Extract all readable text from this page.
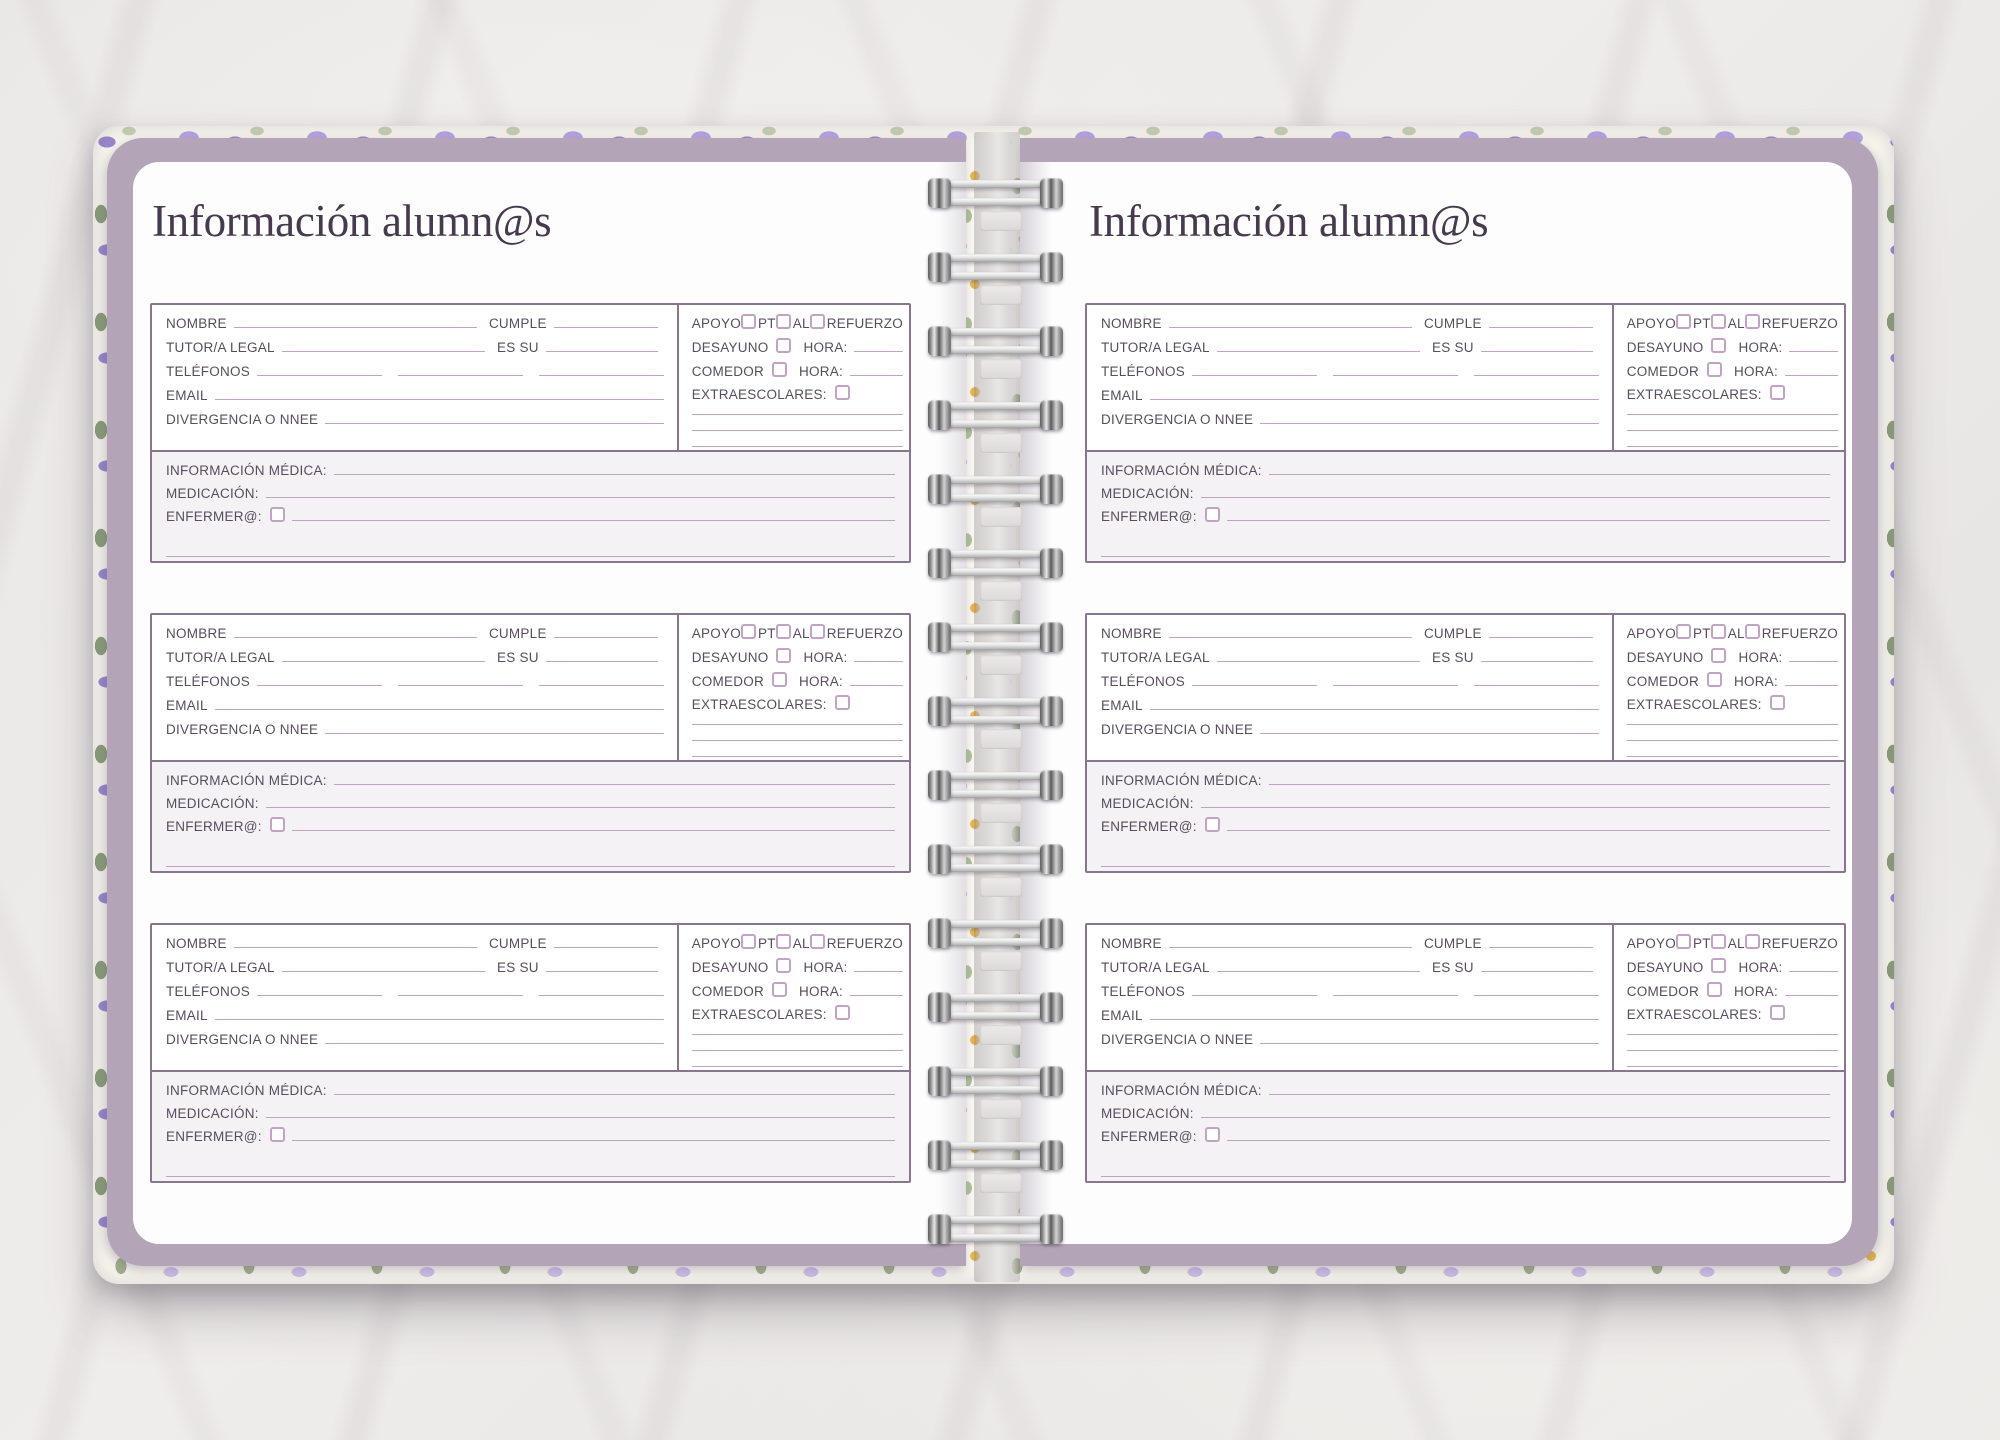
Información alumn@s
NOMBRE	CUMPLE
TUTOR/A LEGAL	ES SU
TELÉFONOS
EMAIL
DIVERGENCIA O NNEE
APOYO PT AL REFUERZO
DESAYUNO	HORA:
COMEDOR	HORA:
EXTRAESCOLARES:
INFORMACIÓN MÉDICA:
MEDICACIÓN:
ENFERMER@:
NOMBRE	CUMPLE
TUTOR/A LEGAL	ES SU
TELÉFONOS
EMAIL
DIVERGENCIA O NNEE
APOYO PT AL REFUERZO
DESAYUNO	HORA:
COMEDOR	HORA:
EXTRAESCOLARES:
INFORMACIÓN MÉDICA:
MEDICACIÓN:
ENFERMER@:
NOMBRE	CUMPLE
TUTOR/A LEGAL	ES SU
TELÉFONOS
EMAIL
DIVERGENCIA O NNEE
APOYO PT AL REFUERZO
DESAYUNO	HORA:
COMEDOR	HORA:
EXTRAESCOLARES:
INFORMACIÓN MÉDICA:
MEDICACIÓN:
ENFERMER@:
Información alumn@s
NOMBRE	CUMPLE
TUTOR/A LEGAL	ES SU
TELÉFONOS
EMAIL
DIVERGENCIA O NNEE
APOYO PT AL REFUERZO
DESAYUNO	HORA:
COMEDOR	HORA:
EXTRAESCOLARES:
INFORMACIÓN MÉDICA:
MEDICACIÓN:
ENFERMER@:
NOMBRE	CUMPLE
TUTOR/A LEGAL	ES SU
TELÉFONOS
EMAIL
DIVERGENCIA O NNEE
APOYO PT AL REFUERZO
DESAYUNO	HORA:
COMEDOR	HORA:
EXTRAESCOLARES:
INFORMACIÓN MÉDICA:
MEDICACIÓN:
ENFERMER@:
NOMBRE	CUMPLE
TUTOR/A LEGAL	ES SU
TELÉFONOS
EMAIL
DIVERGENCIA O NNEE
APOYO PT AL REFUERZO
DESAYUNO	HORA:
COMEDOR	HORA:
EXTRAESCOLARES:
INFORMACIÓN MÉDICA:
MEDICACIÓN:
ENFERMER@:
